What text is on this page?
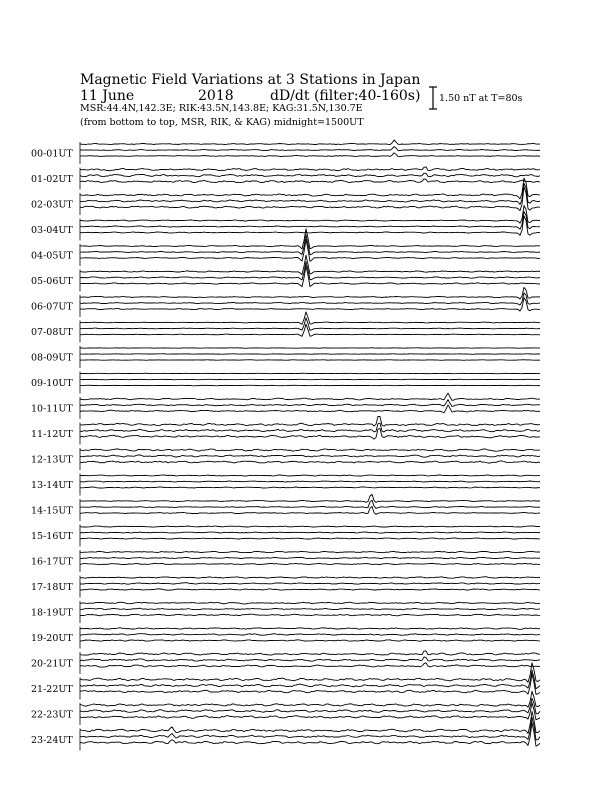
Magnetic Field Variations at 3 Stations in Japan
11 June	2018	dD/dt (filter:40-160s)
MSR:44.4N,142.3E; RIK:43.5N,143.8E; KAG:31.5N,130.7E
(from bottom to top, MSR, RIK, & KAG) midnight=1500UT
1.50 nT at T=80s
00-01UT
01-02UT
02-03UT
03-04UT
04-05UT
05-06UT
06-07UT
07-08UT
08-09UT
09-10UT
10-11UT
11-12UT
12-13UT
13-14UT
14-15UT
15-16UT
16-17UT
17-18UT
18-19UT
19-20UT
20-21UT
21-22UT
22-23UT
23-24UT
